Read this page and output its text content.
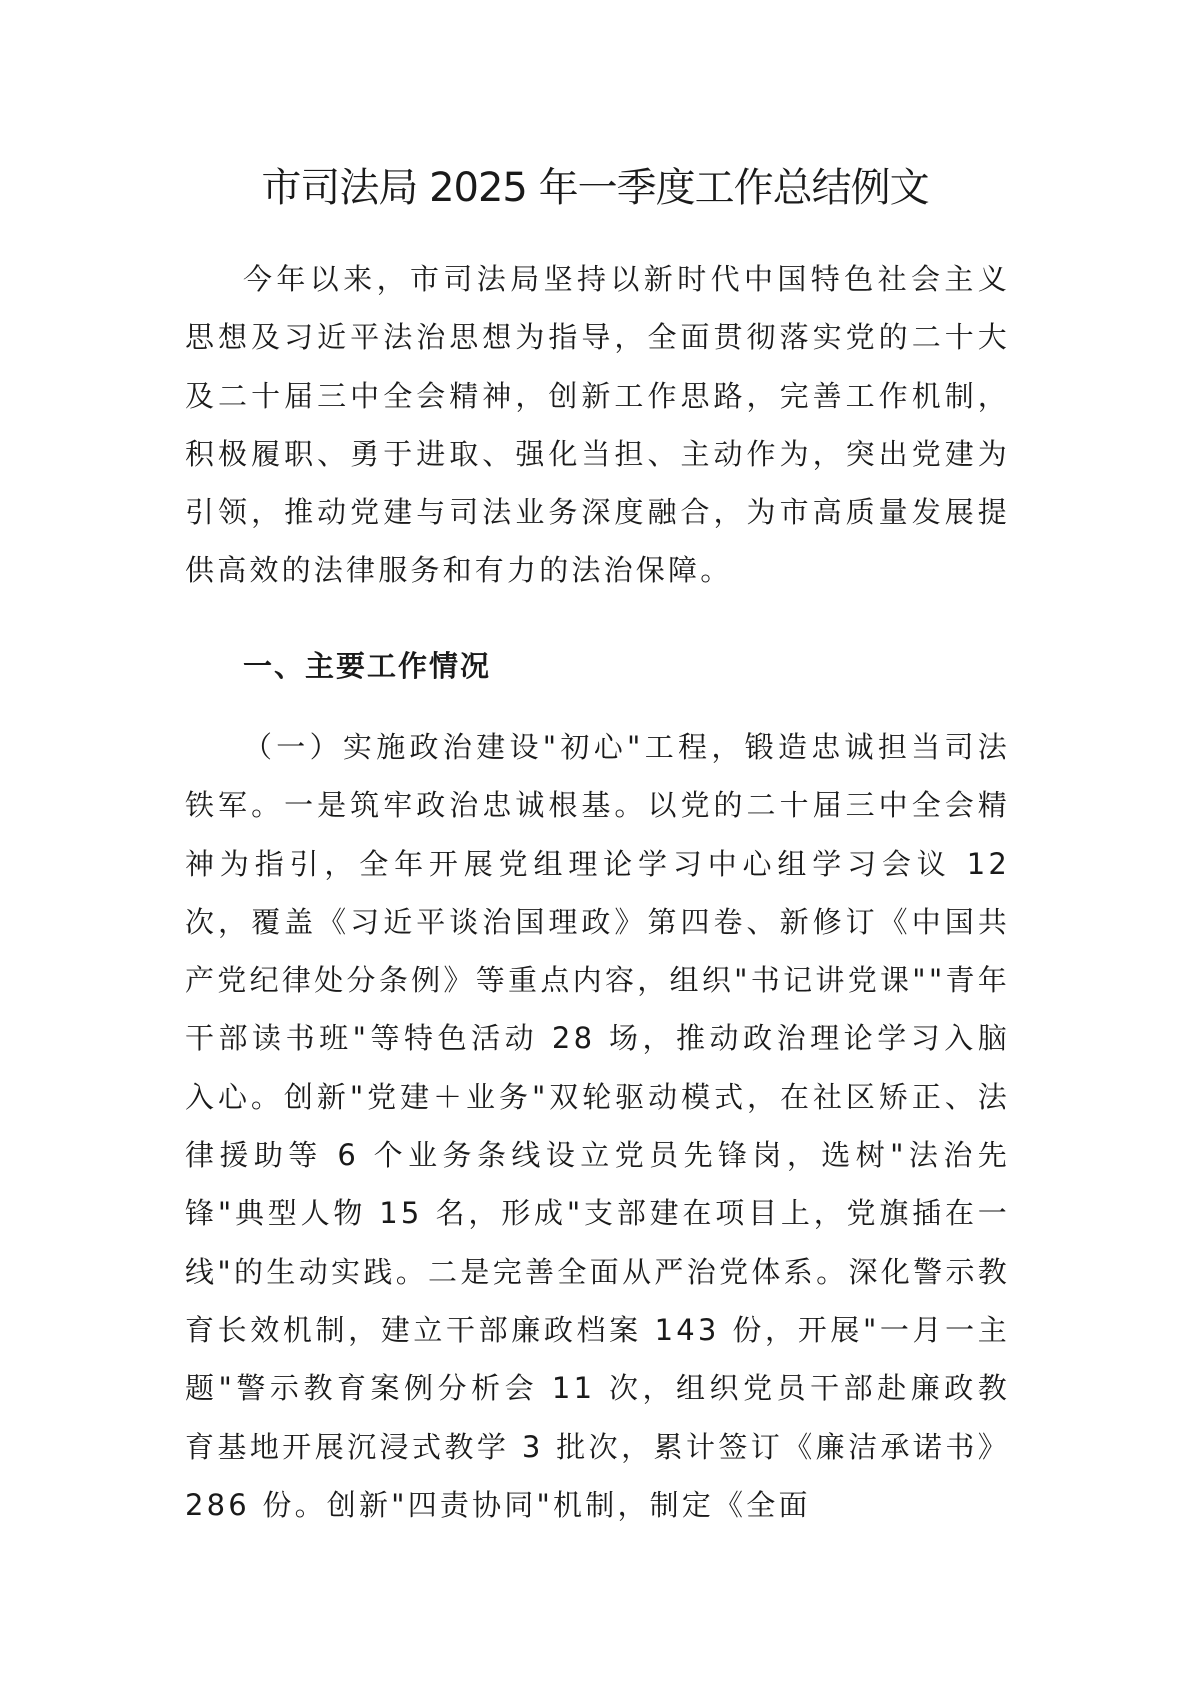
市司法局 2025 年一季度工作总结例文

今年以来，市司法局坚持以新时代中国特色社会主义思想及习近平法治思想为指导，全面贯彻落实党的二十大及二十届三中全会精神，创新工作思路，完善工作机制，积极履职、勇于进取、强化当担、主动作为，突出党建为引领，推动党建与司法业务深度融合，为市高质量发展提供高效的法律服务和有力的法治保障。

一、主要工作情况

（一）实施政治建设"初心"工程，锻造忠诚担当司法铁军。一是筑牢政治忠诚根基。以党的二十届三中全会精神为指引，全年开展党组理论学习中心组学习会议 12 次，覆盖《习近平谈治国理政》第四卷、新修订《中国共产党纪律处分条例》等重点内容，组织"书记讲党课""青年干部读书班"等特色活动 28 场，推动政治理论学习入脑入心。创新"党建＋业务"双轮驱动模式，在社区矫正、法律援助等 6 个业务条线设立党员先锋岗，选树"法治先锋"典型人物 15 名，形成"支部建在项目上，党旗插在一线"的生动实践。二是完善全面从严治党体系。深化警示教育长效机制，建立干部廉政档案 143 份，开展"一月一主题"警示教育案例分析会 11 次，组织党员干部赴廉政教育基地开展沉浸式教学 3 批次，累计签订《廉洁承诺书》286 份。创新"四责协同"机制，制定《全面
